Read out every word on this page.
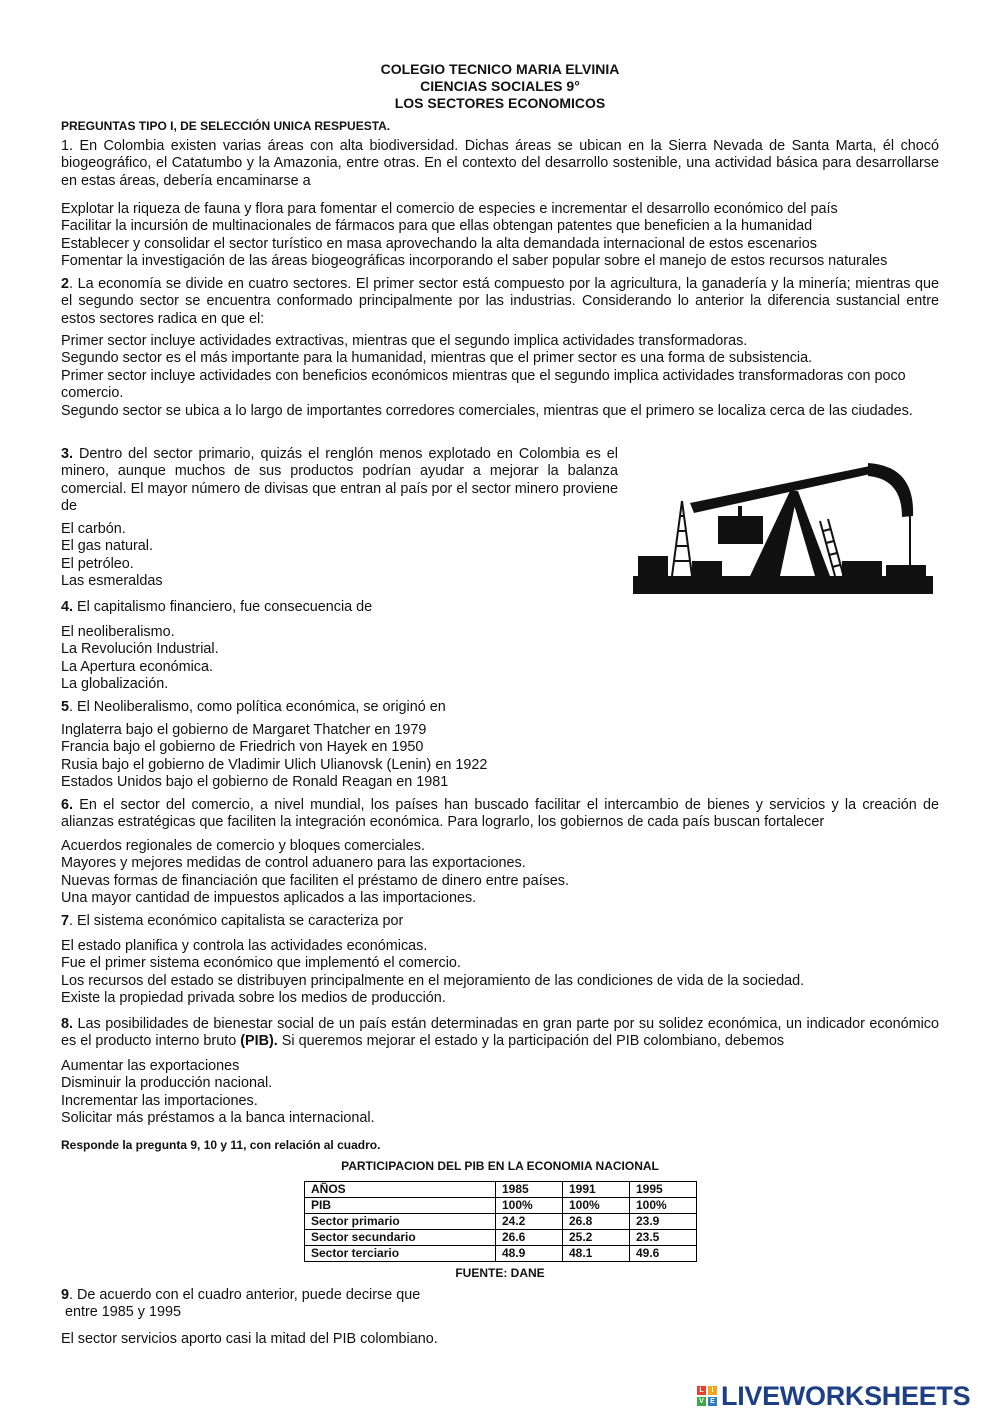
COLEGIO TECNICO MARIA ELVINIA
CIENCIAS SOCIALES 9°
LOS SECTORES ECONOMICOS
PREGUNTAS TIPO I, DE SELECCIÓN UNICA RESPUESTA.
1. En Colombia existen varias áreas con alta biodiversidad. Dichas áreas se ubican en la Sierra Nevada de Santa Marta, él chocó biogeográfico, el Catatumbo y la Amazonia, entre otras. En el contexto del desarrollo sostenible, una actividad básica para desarrollarse en estas áreas, debería encaminarse a
Explotar la riqueza de fauna y flora para fomentar el comercio de especies e incrementar el desarrollo económico del país
Facilitar la incursión de multinacionales de fármacos para que ellas obtengan patentes que beneficien a la humanidad
Establecer y consolidar el sector turístico en masa aprovechando la alta demandada internacional de estos escenarios
Fomentar la investigación de las áreas biogeográficas incorporando el saber popular sobre el manejo de estos recursos naturales
2. La economía se divide en cuatro sectores. El primer sector está compuesto por la agricultura, la ganadería y la minería; mientras que el segundo sector se encuentra conformado principalmente por las industrias. Considerando lo anterior la diferencia sustancial entre estos sectores radica en que el:
Primer sector incluye actividades extractivas, mientras que el segundo implica actividades transformadoras.
Segundo sector es el más importante para la humanidad, mientras que el primer sector es una forma de subsistencia.
Primer sector incluye actividades con beneficios económicos mientras que el segundo implica actividades transformadoras con poco comercio.
Segundo sector se ubica a lo largo de importantes corredores comerciales, mientras que el primero se localiza cerca de las ciudades.
3. Dentro del sector primario, quizás el renglón menos explotado en Colombia es el minero, aunque muchos de sus productos podrían ayudar a mejorar la balanza comercial. El mayor número de divisas que entran al país por el sector minero proviene de
El carbón.
El gas natural.
El petróleo.
Las esmeraldas
4. El capitalismo financiero, fue consecuencia de
El neoliberalismo.
La Revolución Industrial.
La Apertura económica.
La globalización.
5. El Neoliberalismo, como política económica, se originó en
Inglaterra bajo el gobierno de Margaret Thatcher en 1979
Francia bajo el gobierno de Friedrich von Hayek en 1950
Rusia bajo el gobierno de Vladimir Ulich Ulianovsk (Lenin) en 1922
Estados Unidos bajo el gobierno de Ronald Reagan en 1981
6. En el sector del comercio, a nivel mundial, los países han buscado facilitar el intercambio de bienes y servicios y la creación de alianzas estratégicas que faciliten la integración económica. Para lograrlo, los gobiernos de cada país buscan fortalecer
Acuerdos regionales de comercio y bloques comerciales.
Mayores y mejores medidas de control aduanero para las exportaciones.
Nuevas formas de financiación que faciliten el préstamo de dinero entre países.
Una mayor cantidad de impuestos aplicados a las importaciones.
7. El sistema económico capitalista se caracteriza por
El estado planifica y controla las actividades económicas.
Fue el primer sistema económico que implementó el comercio.
Los recursos del estado se distribuyen principalmente en el mejoramiento de las condiciones de vida de la sociedad.
Existe la propiedad privada sobre los medios de producción.
8. Las posibilidades de bienestar social de un país están determinadas en gran parte por su solidez económica, un indicador económico es el producto interno bruto (PIB). Si queremos mejorar el estado y la participación del PIB colombiano, debemos
Aumentar las exportaciones
Disminuir la producción nacional.
Incrementar las importaciones.
Solicitar más préstamos a la banca internacional.
Responde la pregunta 9, 10 y 11, con relación al cuadro.
PARTICIPACION DEL PIB EN LA ECONOMIA NACIONAL
AÑOS	1985	1991	1995
PIB	100%	100%	100%
Sector primario	24.2	26.8	23.9
Sector secundario	26.6	25.2	23.5
Sector terciario	48.9	48.1	49.6
FUENTE: DANE
9. De acuerdo con el cuadro anterior, puede decirse que
entre 1985 y 1995
El sector servicios aporto casi la mitad del PIB colombiano.
L	I
V E LIVEWORKSHEETS
